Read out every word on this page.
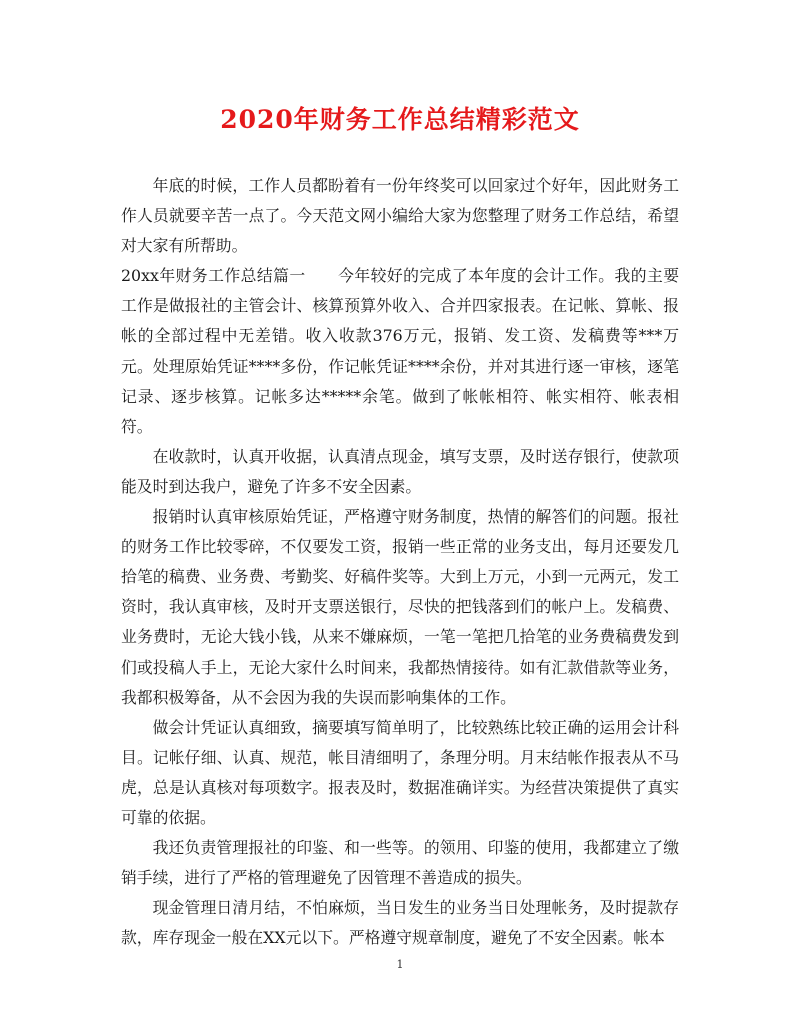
2020年财务工作总结精彩范文

年底的时候，工作人员都盼着有一份年终奖可以回家过个好年，因此财务工作人员就要辛苦一点了。今天范文网小编给大家为您整理了财务工作总结，希望对大家有所帮助。

20xx年财务工作总结篇一　　今年较好的完成了本年度的会计工作。我的主要工作是做报社的主管会计、核算预算外收入、合并四家报表。在记帐、算帐、报帐的全部过程中无差错。收入收款376万元，报销、发工资、发稿费等***万元。处理原始凭证****多份，作记帐凭证****余份，并对其进行逐一审核，逐笔记录、逐步核算。记帐多达*****余笔。做到了帐帐相符、帐实相符、帐表相符。

在收款时，认真开收据，认真清点现金，填写支票，及时送存银行，使款项能及时到达我户，避免了许多不安全因素。

报销时认真审核原始凭证，严格遵守财务制度，热情的解答们的问题。报社的财务工作比较零碎，不仅要发工资，报销一些正常的业务支出，每月还要发几拾笔的稿费、业务费、考勤奖、好稿件奖等。大到上万元，小到一元两元，发工资时，我认真审核，及时开支票送银行，尽快的把钱落到们的帐户上。发稿费、业务费时，无论大钱小钱，从来不嫌麻烦，一笔一笔把几拾笔的业务费稿费发到们或投稿人手上，无论大家什么时间来，我都热情接待。如有汇款借款等业务，我都积极筹备，从不会因为我的失误而影响集体的工作。

做会计凭证认真细致，摘要填写简单明了，比较熟练比较正确的运用会计科目。记帐仔细、认真、规范，帐目清细明了，条理分明。月末结帐作报表从不马虎，总是认真核对每项数字。报表及时，数据准确详实。为经营决策提供了真实可靠的依据。

我还负责管理报社的印鉴、和一些等。的领用、印鉴的使用，我都建立了缴销手续，进行了严格的管理避免了因管理不善造成的损失。

现金管理日清月结，不怕麻烦，当日发生的业务当日处理帐务，及时提款存款，库存现金一般在XX元以下。严格遵守规章制度，避免了不安全因素。帐本

1
